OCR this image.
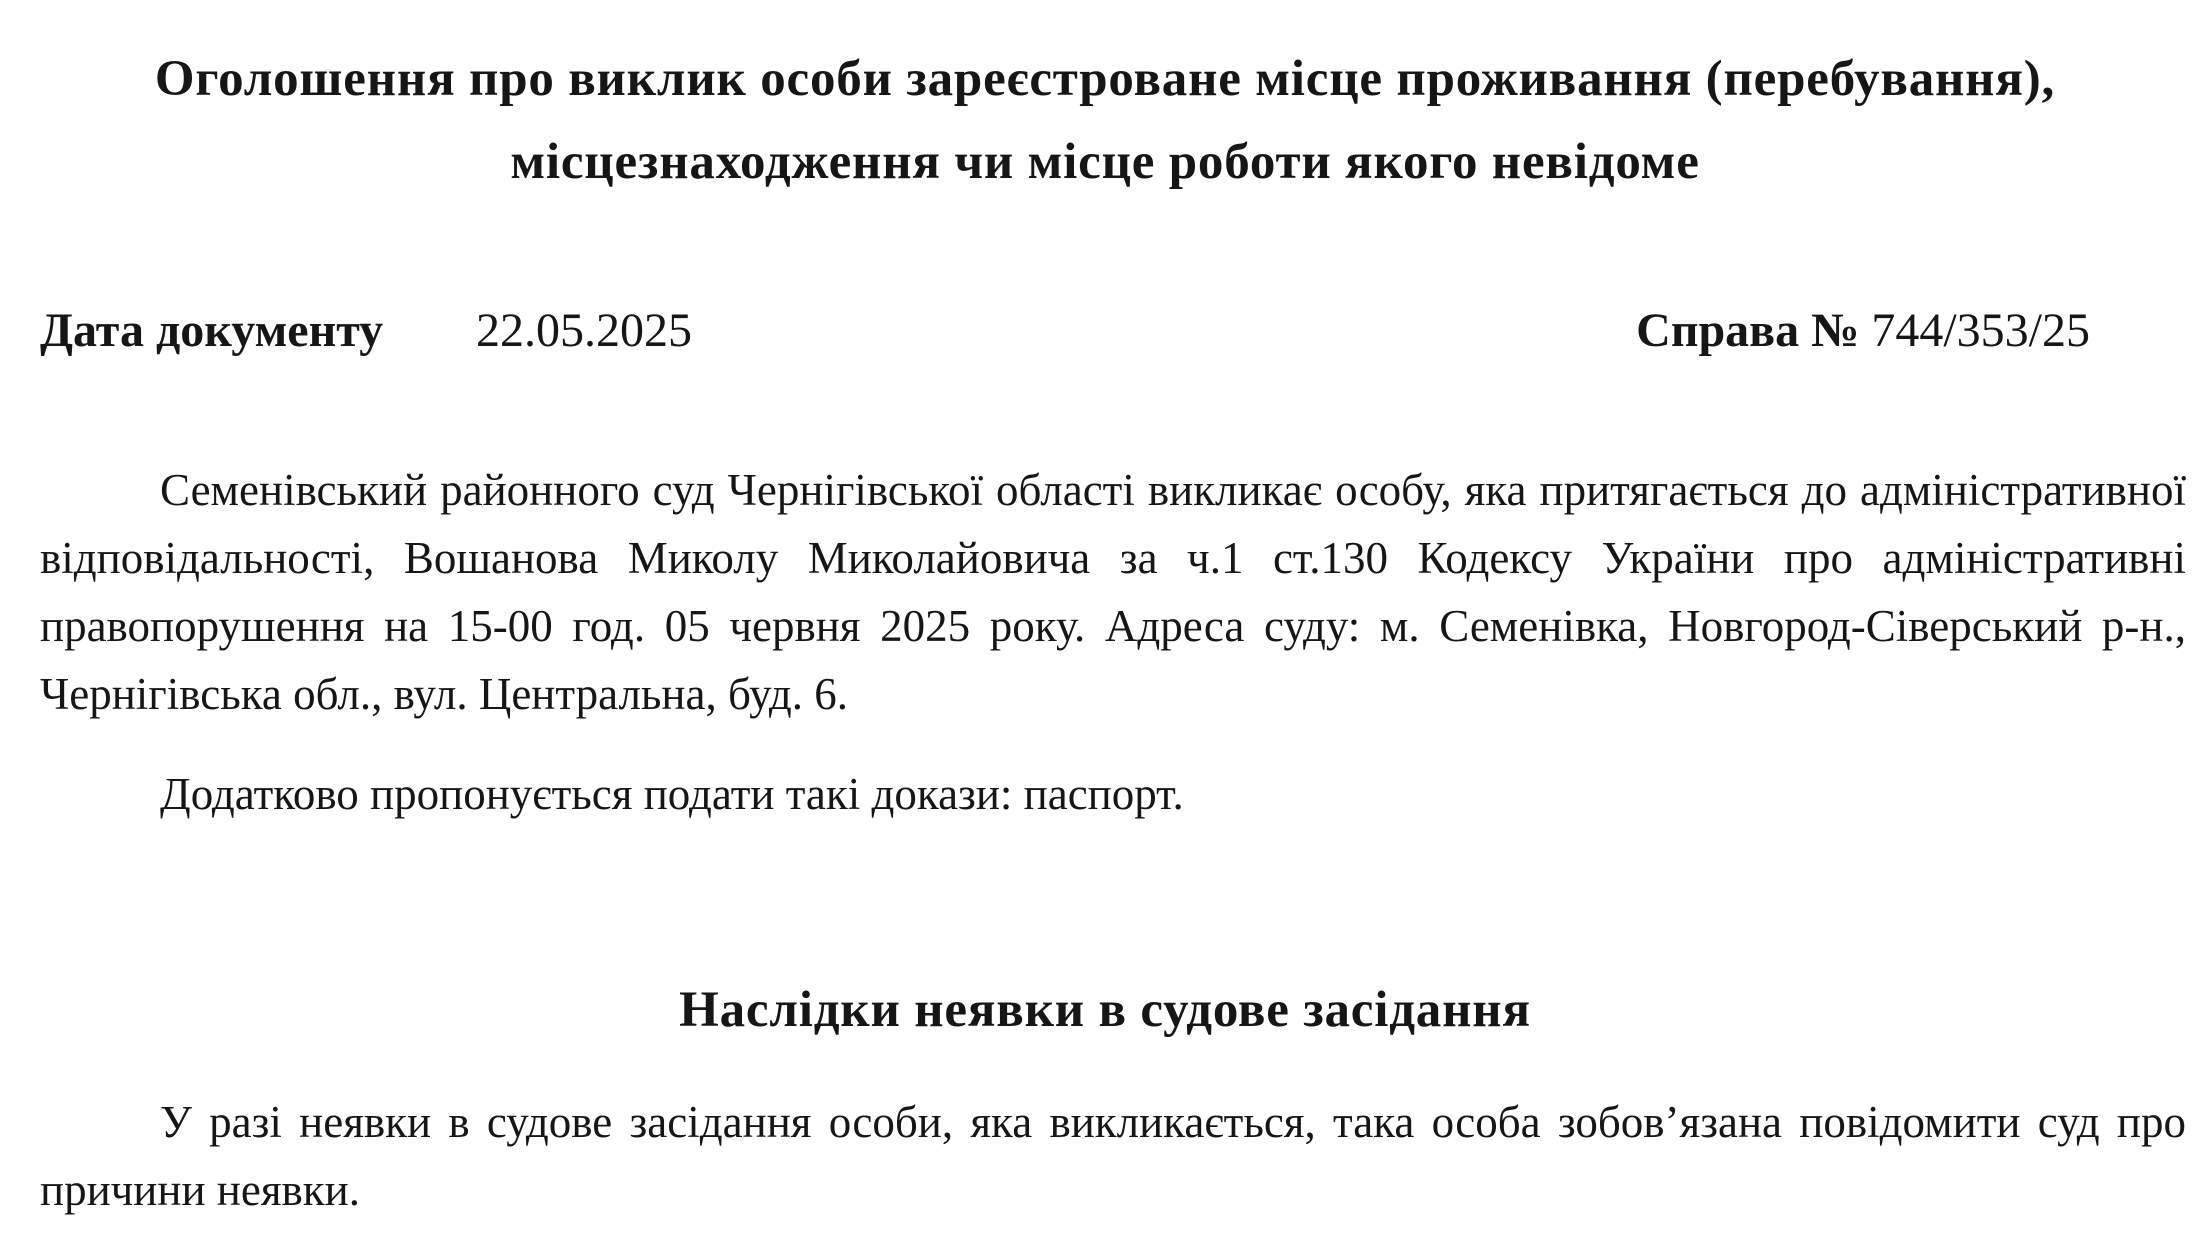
Оголошення про виклик особи зареєстроване місце проживання (перебування),
місцезнаходження чи місце роботи якого невідоме
Дата документу 22.05.2025	Справа № 744/353/25

Семенівський районного суд Чернігівської області викликає особу, яка притягається до адміністративної відповідальності, Вошанова Миколу Миколайовича за ч.1 ст.130 Кодексу України про адміністративні правопорушення на 15-00 год. 05 червня 2025 року. Адреса суду: м. Семенівка, Новгород-Сіверський р-н., Чернігівська обл., вул. Центральна, буд. 6.

Додатково пропонується подати такі докази: паспорт.

Наслідки неявки в судове засідання

У разі неявки в судове засідання особи, яка викликається, така особа зобов’язана повідомити суд про причини неявки.
